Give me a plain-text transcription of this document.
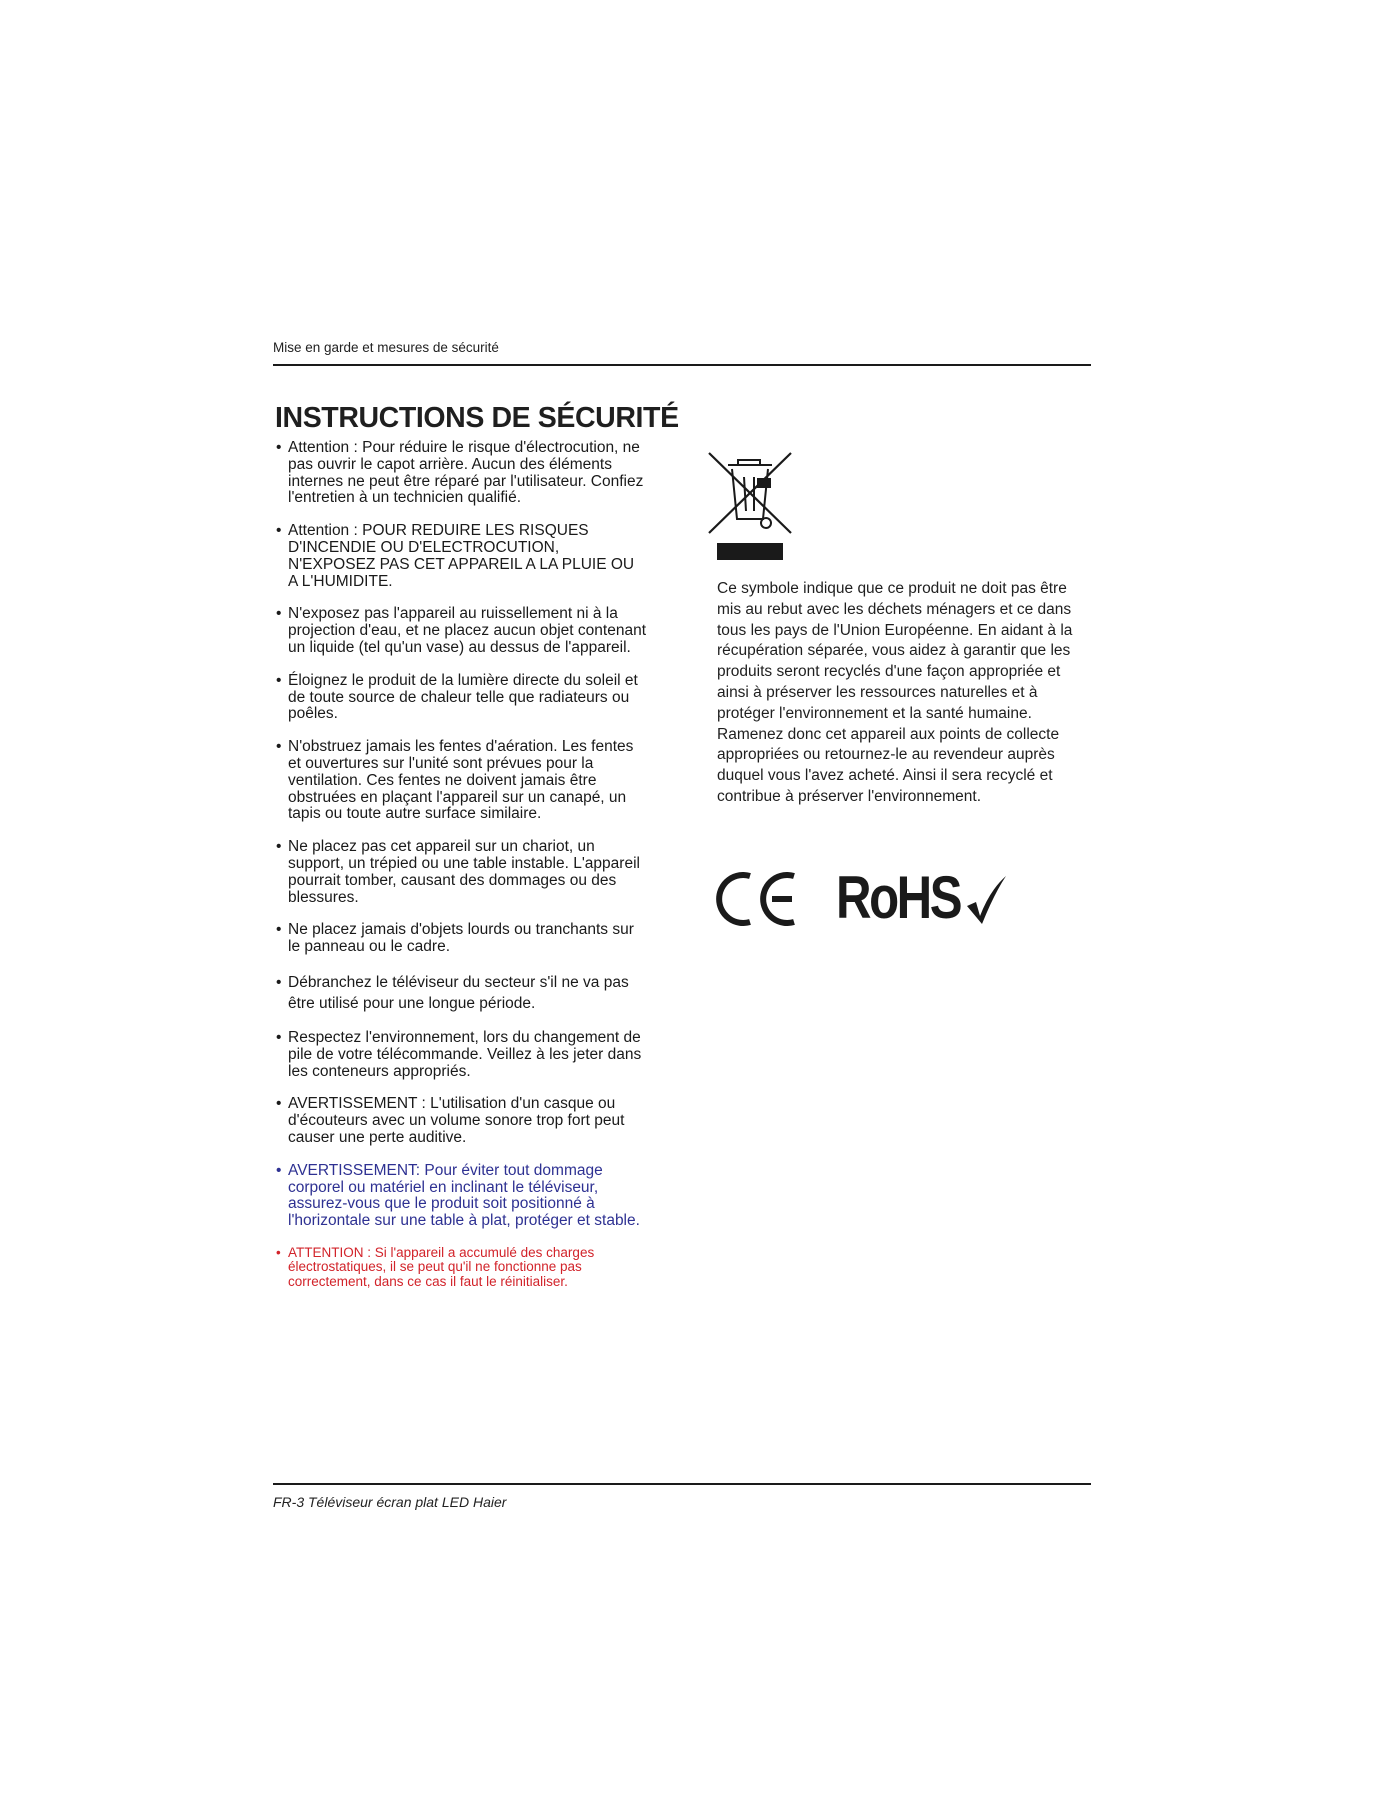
Mise en garde et mesures de sécurité
INSTRUCTIONS DE SÉCURITÉ
• Attention : Pour réduire le risque d'électrocution, ne pas ouvrir le capot arrière. Aucun des éléments internes ne peut être réparé par l'utilisateur. Confiez l'entretien à un technicien qualifié.
• Attention : POUR REDUIRE LES RISQUES D'INCENDIE OU D'ELECTROCUTION, N'EXPOSEZ PAS CET APPAREIL A LA PLUIE OU A L'HUMIDITE.
• N'exposez pas l'appareil au ruissellement ni à la projection d'eau, et ne placez aucun objet contenant un liquide (tel qu'un vase) au dessus de l'appareil.
• Éloignez le produit de la lumière directe du soleil et de toute source de chaleur telle que radiateurs ou poêles.
• N'obstruez jamais les fentes d'aération. Les fentes et ouvertures sur l'unité sont prévues pour la ventilation. Ces fentes ne doivent jamais être obstruées en plaçant l'appareil sur un canapé, un tapis ou toute autre surface similaire.
• Ne placez pas cet appareil sur un chariot, un support, un trépied ou une table instable. L'appareil pourrait tomber, causant des dommages ou des blessures.
• Ne placez jamais d'objets lourds ou tranchants sur le panneau ou le cadre.
• Débranchez le téléviseur du secteur s'il ne va pas être utilisé pour une longue période.
• Respectez l'environnement, lors du changement de pile de votre télécommande. Veillez à les jeter dans les conteneurs appropriés.
• AVERTISSEMENT : L'utilisation d'un casque ou d'écouteurs avec un volume sonore trop fort peut causer une perte auditive.
• AVERTISSEMENT: Pour éviter tout dommage corporel ou matériel en inclinant le téléviseur, assurez-vous que le produit soit positionné à l'horizontale sur une table à plat, protéger et stable.
• ATTENTION : Si l'appareil a accumulé des charges électrostatiques, il se peut qu'il ne fonctionne pas correctement, dans ce cas il faut le réinitialiser.

Ce symbole indique que ce produit ne doit pas être mis au rebut avec les déchets ménagers et ce dans tous les pays de l'Union Européenne. En aidant à la récupération séparée, vous aidez à garantir que les produits seront recyclés d'une façon appropriée et ainsi à préserver les ressources naturelles et à protéger l'environnement et la santé humaine. Ramenez donc cet appareil aux points de collecte appropriées ou retournez-le au revendeur auprès duquel vous l'avez acheté. Ainsi il sera recyclé et contribue à préserver l'environnement.

RoHS
FR-3 Téléviseur écran plat LED Haier
